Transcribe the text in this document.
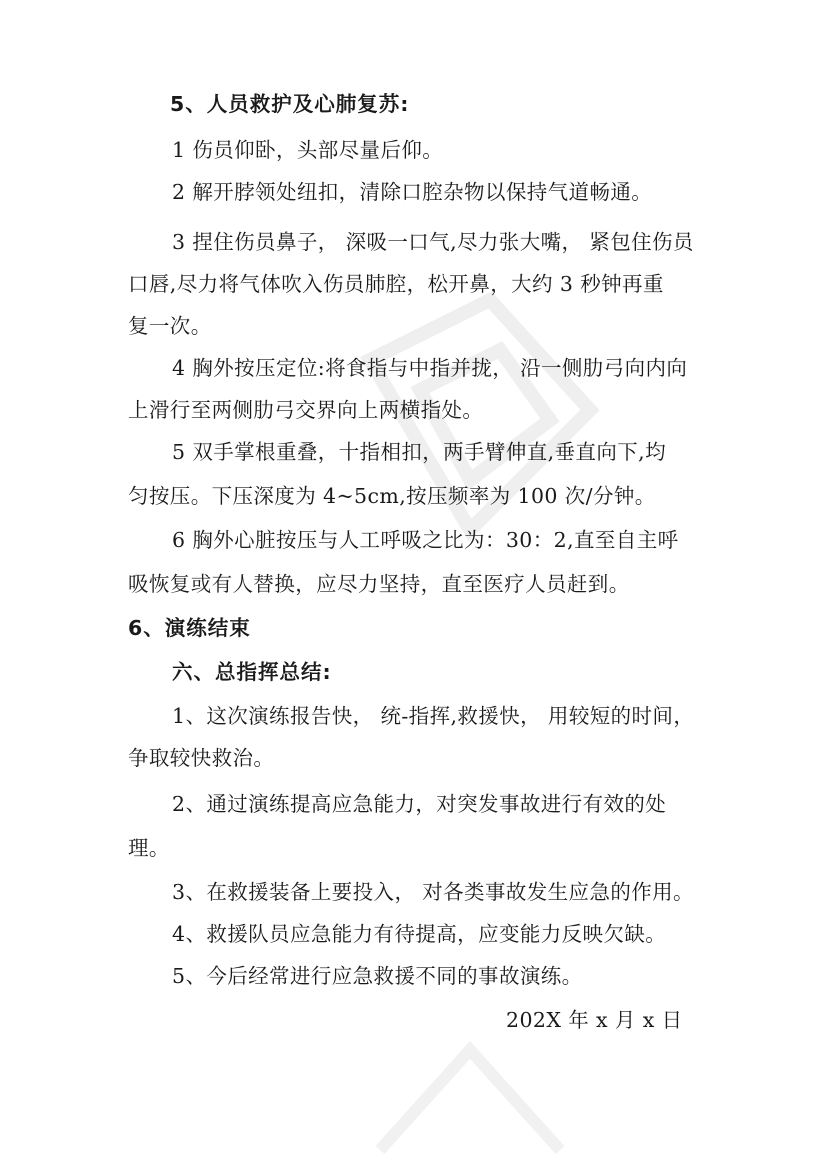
5、人员救护及心肺复苏:
1 伤员仰卧，头部尽量后仰。
2 解开脖领处纽扣，清除口腔杂物以保持气道畅通。
3 捏住伤员鼻子， 深吸一口气,尽力张大嘴， 紧包住伤员
口唇,尽力将气体吹入伤员肺腔，松开鼻，大约 3 秒钟再重
复一次。
4 胸外按压定位:将食指与中指并拢， 沿一侧肋弓向内向
上滑行至两侧肋弓交界向上两横指处。
5 双手掌根重叠，十指相扣，两手臂伸直,垂直向下,均
匀按压。下压深度为 4~5cm,按压频率为 100 次/分钟。
6 胸外心脏按压与人工呼吸之比为：30：2,直至自主呼
吸恢复或有人替换，应尽力坚持，直至医疗人员赶到。
6、演练结束
六、总指挥总结:
1、这次演练报告快， 统-指挥,救援快， 用较短的时间，
争取较快救治。
2、通过演练提高应急能力，对突发事故进行有效的处
理。
3、在救援装备上要投入， 对各类事故发生应急的作用。
4、救援队员应急能力有待提高，应变能力反映欠缺。
5、今后经常进行应急救援不同的事故演练。
202X 年 x 月 x 日
